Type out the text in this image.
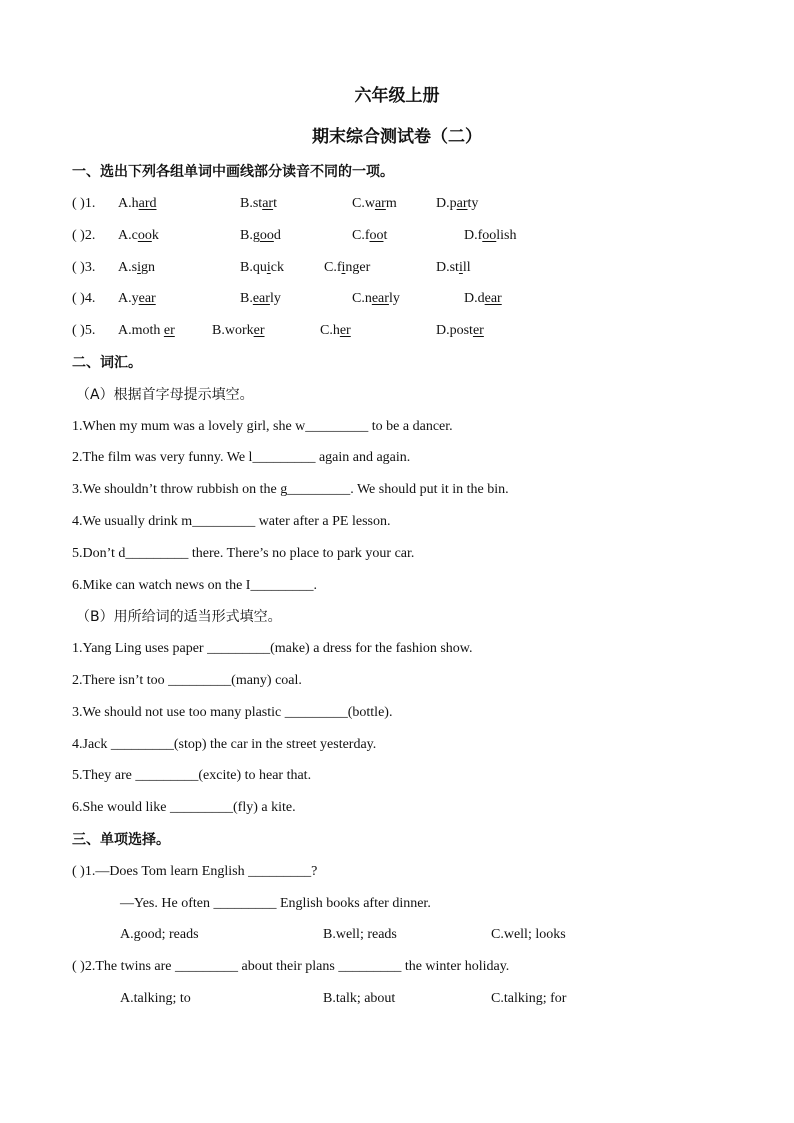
六年级上册
期末综合测试卷（二）
一、选出下列各组单词中画线部分读音不同的一项。
( )1. A.hard	B.start	C.warm	D.party
( )2. A.cook	B.good	C.foot	D.foolish
( )3. A.sign	B.quick	C.finger	D.still
( )4. A.year	B.early	C.nearly	D.dear
( )5. A.moth er	B.worker	C.her	D.poster
二、词汇。
（A）根据首字母提示填空。
1.When my mum was a lovely girl, she w_________ to be a dancer.
2.The film was very funny. We l_________ again and again.
3.We shouldn’t throw rubbish on the g_________. We should put it in the bin.
4.We usually drink m_________ water after a PE lesson.
5.Don’t d_________ there. There’s no place to park your car.
6.Mike can watch news on the I_________.
（B）用所给词的适当形式填空。
1.Yang Ling uses paper _________(make) a dress for the fashion show.
2.There isn’t too _________(many) coal.
3.We should not use too many plastic _________(bottle).
4.Jack _________(stop) the car in the street yesterday.
5.They are _________(excite) to hear that.
6.She would like _________(fly) a kite.
三、单项选择。
( )1.—Does Tom learn English _________?
—Yes. He often _________ English books after dinner.
A.good; reads	B.well; reads	C.well; looks
( )2.The twins are _________ about their plans _________ the winter holiday.
A.talking; to	B.talk; about	C.talking; for
